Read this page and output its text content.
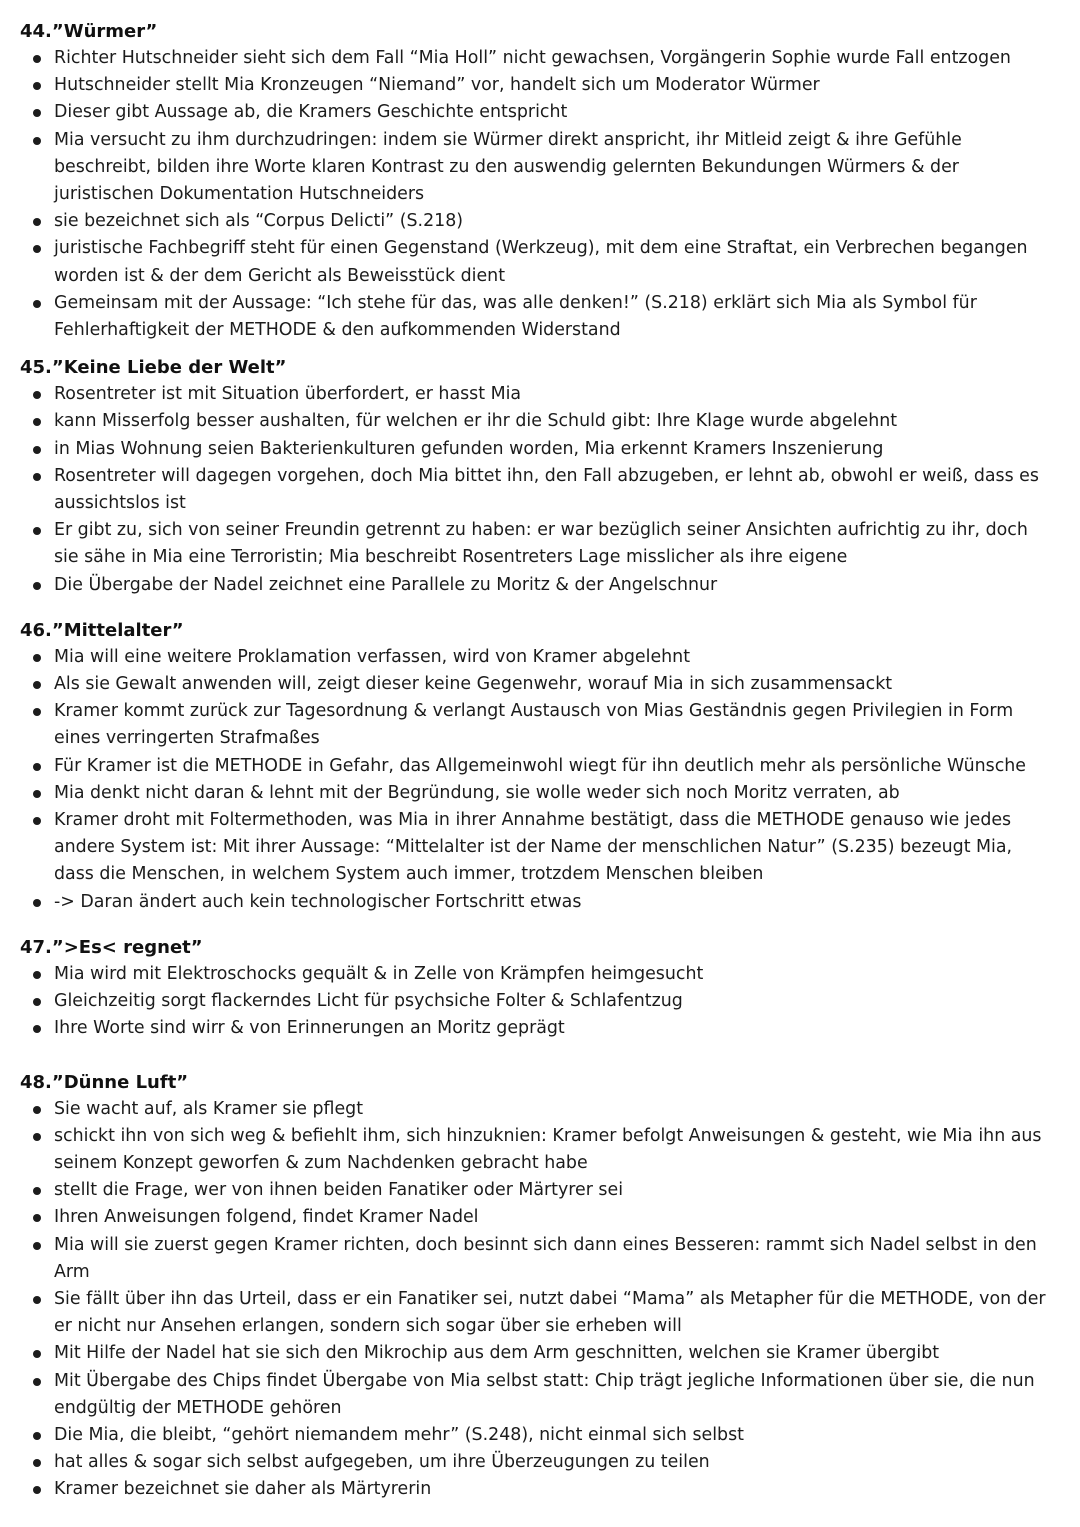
44.”Würmer”
Richter Hutschneider sieht sich dem Fall “Mia Holl” nicht gewachsen, Vorgängerin Sophie wurde Fall entzogen
Hutschneider stellt Mia Kronzeugen “Niemand” vor, handelt sich um Moderator Würmer
Dieser gibt Aussage ab, die Kramers Geschichte entspricht
Mia versucht zu ihm durchzudringen: indem sie Würmer direkt anspricht, ihr Mitleid zeigt & ihre Gefühle beschreibt, bilden ihre Worte klaren Kontrast zu den auswendig gelernten Bekundungen Würmers & der juristischen Dokumentation Hutschneiders
sie bezeichnet sich als “Corpus Delicti” (S.218)
juristische Fachbegriff steht für einen Gegenstand (Werkzeug), mit dem eine Straftat, ein Verbrechen begangen worden ist & der dem Gericht als Beweisstück dient
Gemeinsam mit der Aussage: “Ich stehe für das, was alle denken!” (S.218) erklärt sich Mia als Symbol für Fehlerhaftigkeit der METHODE & den aufkommenden Widerstand
45.”Keine Liebe der Welt”
Rosentreter ist mit Situation überfordert, er hasst Mia
kann Misserfolg besser aushalten, für welchen er ihr die Schuld gibt: Ihre Klage wurde abgelehnt
in Mias Wohnung seien Bakterienkulturen gefunden worden, Mia erkennt Kramers Inszenierung
Rosentreter will dagegen vorgehen, doch Mia bittet ihn, den Fall abzugeben, er lehnt ab, obwohl er weiß, dass es aussichtslos ist
Er gibt zu, sich von seiner Freundin getrennt zu haben: er war bezüglich seiner Ansichten aufrichtig zu ihr, doch sie sähe in Mia eine Terroristin; Mia beschreibt Rosentreters Lage misslicher als ihre eigene
Die Übergabe der Nadel zeichnet eine Parallele zu Moritz & der Angelschnur
46.”Mittelalter”
Mia will eine weitere Proklamation verfassen, wird von Kramer abgelehnt
Als sie Gewalt anwenden will, zeigt dieser keine Gegenwehr, worauf Mia in sich zusammensackt
Kramer kommt zurück zur Tagesordnung & verlangt Austausch von Mias Geständnis gegen Privilegien in Form eines verringerten Strafmaßes
Für Kramer ist die METHODE in Gefahr, das Allgemeinwohl wiegt für ihn deutlich mehr als persönliche Wünsche
Mia denkt nicht daran & lehnt mit der Begründung, sie wolle weder sich noch Moritz verraten, ab
Kramer droht mit Foltermethoden, was Mia in ihrer Annahme bestätigt, dass die METHODE genauso wie jedes andere System ist: Mit ihrer Aussage: “Mittelalter ist der Name der menschlichen Natur” (S.235) bezeugt Mia, dass die Menschen, in welchem System auch immer, trotzdem Menschen bleiben
-> Daran ändert auch kein technologischer Fortschritt etwas
47.”>Es< regnet”
Mia wird mit Elektroschocks gequält & in Zelle von Krämpfen heimgesucht
Gleichzeitig sorgt flackerndes Licht für psychsiche Folter & Schlafentzug
Ihre Worte sind wirr & von Erinnerungen an Moritz geprägt
48.”Dünne Luft”
Sie wacht auf, als Kramer sie pflegt
schickt ihn von sich weg & befiehlt ihm, sich hinzuknien: Kramer befolgt Anweisungen & gesteht, wie Mia ihn aus seinem Konzept geworfen & zum Nachdenken gebracht habe
stellt die Frage, wer von ihnen beiden Fanatiker oder Märtyrer sei
Ihren Anweisungen folgend, findet Kramer Nadel
Mia will sie zuerst gegen Kramer richten, doch besinnt sich dann eines Besseren: rammt sich Nadel selbst in den Arm
Sie fällt über ihn das Urteil, dass er ein Fanatiker sei, nutzt dabei “Mama” als Metapher für die METHODE, von der er nicht nur Ansehen erlangen, sondern sich sogar über sie erheben will
Mit Hilfe der Nadel hat sie sich den Mikrochip aus dem Arm geschnitten, welchen sie Kramer übergibt
Mit Übergabe des Chips findet Übergabe von Mia selbst statt: Chip trägt jegliche Informationen über sie, die nun endgültig der METHODE gehören
Die Mia, die bleibt, “gehört niemandem mehr” (S.248), nicht einmal sich selbst
hat alles & sogar sich selbst aufgegeben, um ihre Überzeugungen zu teilen
Kramer bezeichnet sie daher als Märtyrerin
